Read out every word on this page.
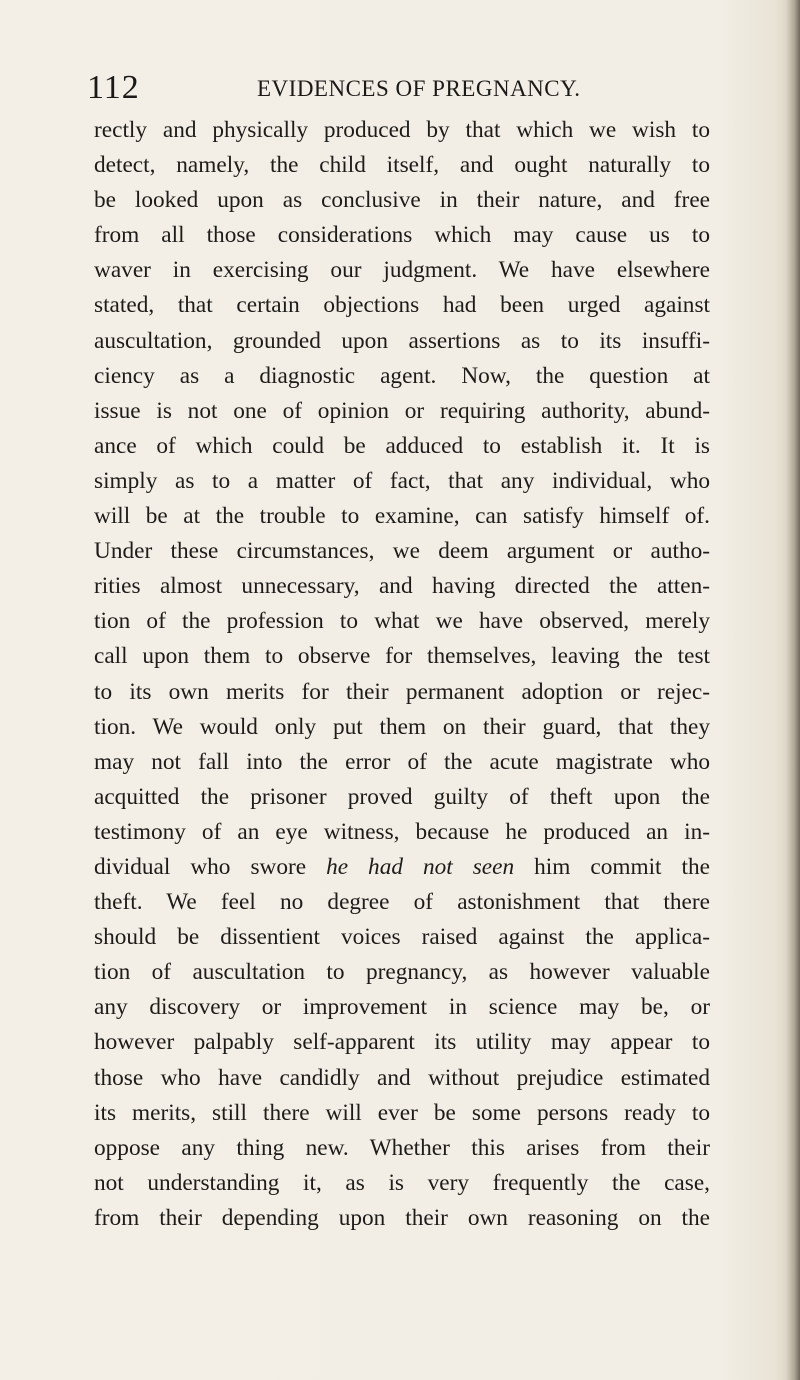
112	EVIDENCES OF PREGNANCY.
rectly and physically produced by that which we wish to
detect, namely, the child itself, and ought naturally to
be looked upon as conclusive in their nature, and free
from all those considerations which may cause us to
waver in exercising our judgment. We have elsewhere
stated, that certain objections had been urged against
auscultation, grounded upon assertions as to its insuffi-
ciency as a diagnostic agent. Now, the question at
issue is not one of opinion or requiring authority, abund-
ance of which could be adduced to establish it. It is
simply as to a matter of fact, that any individual, who
will be at the trouble to examine, can satisfy himself of.
Under these circumstances, we deem argument or autho-
rities almost unnecessary, and having directed the atten-
tion of the profession to what we have observed, merely
call upon them to observe for themselves, leaving the test
to its own merits for their permanent adoption or rejec-
tion. We would only put them on their guard, that they
may not fall into the error of the acute magistrate who
acquitted the prisoner proved guilty of theft upon the
testimony of an eye witness, because he produced an in-
dividual who swore he had not seen him commit the
theft. We feel no degree of astonishment that there
should be dissentient voices raised against the applica-
tion of auscultation to pregnancy, as however valuable
any discovery or improvement in science may be, or
however palpably self-apparent its utility may appear to
those who have candidly and without prejudice estimated
its merits, still there will ever be some persons ready to
oppose any thing new. Whether this arises from their
not understanding it, as is very frequently the case,
from their depending upon their own reasoning on the
